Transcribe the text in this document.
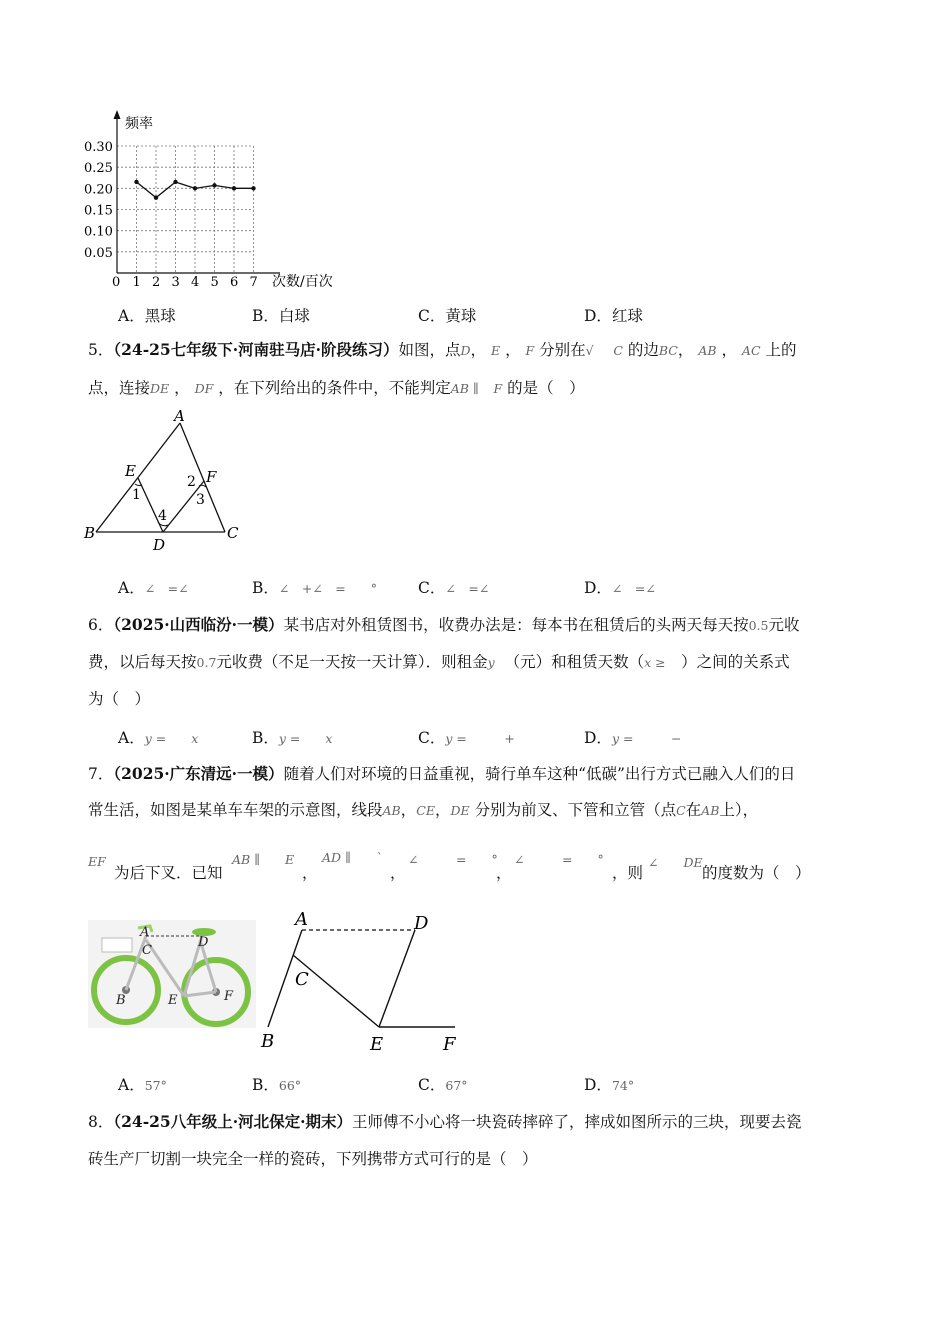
频率
次数/百次
0.30
0.25
0.20
0.15
0.10
0.05
0 1 2 3 4 5 6 7
A．黑球	B．白球	C．黄球	D．红球
5．（24-25七年级下·河南驻马店·阶段练习）如图，点D， E ， F 分别在√ C 的边BC， AB ， AC 上的
点，连接DE ， DF ，在下列给出的条件中，不能判定AB ∥ F 的是（　）
A
E	F
B	C
D
1
2
3
4
A．∠　=∠	B．∠　+∠　=　　°	C．∠　=∠	D．∠　=∠
6．（2025·山西临汾·一模）某书店对外租赁图书，收费办法是：每本书在租赁后的头两天每天按0.5元收
费，以后每天按0.7元收费（不足一天按一天计算）．则租金y （元）和租赁天数（x ≥　）之间的关系式
为（　）
A．y =　　x	B．y =　　x	C．y =　　　+	D．y =　　　−
7．（2025·广东清远·一模）随着人们对环境的日益重视，骑行单车这种“低碳”出行方式已融入人们的日
常生活，如图是某单车车架的示意图，线段AB，CE，DE 分别为前叉、下管和立管（点C在AB上），
EF
为后下叉．已知
AB ∥　　E
，
AD ∥　　`
，
∠　　　=　　°
，
∠　　　=　　°
，则
∠　　DE
的度数为（　）
A
D
C
B	E	F
A	D
C
B	E	F
A．57°	B．66°	C．67°	D．74°
8．（24-25八年级上·河北保定·期末）王师傅不小心将一块瓷砖摔碎了，摔成如图所示的三块，现要去瓷
砖生产厂切割一块完全一样的瓷砖，下列携带方式可行的是（　）
